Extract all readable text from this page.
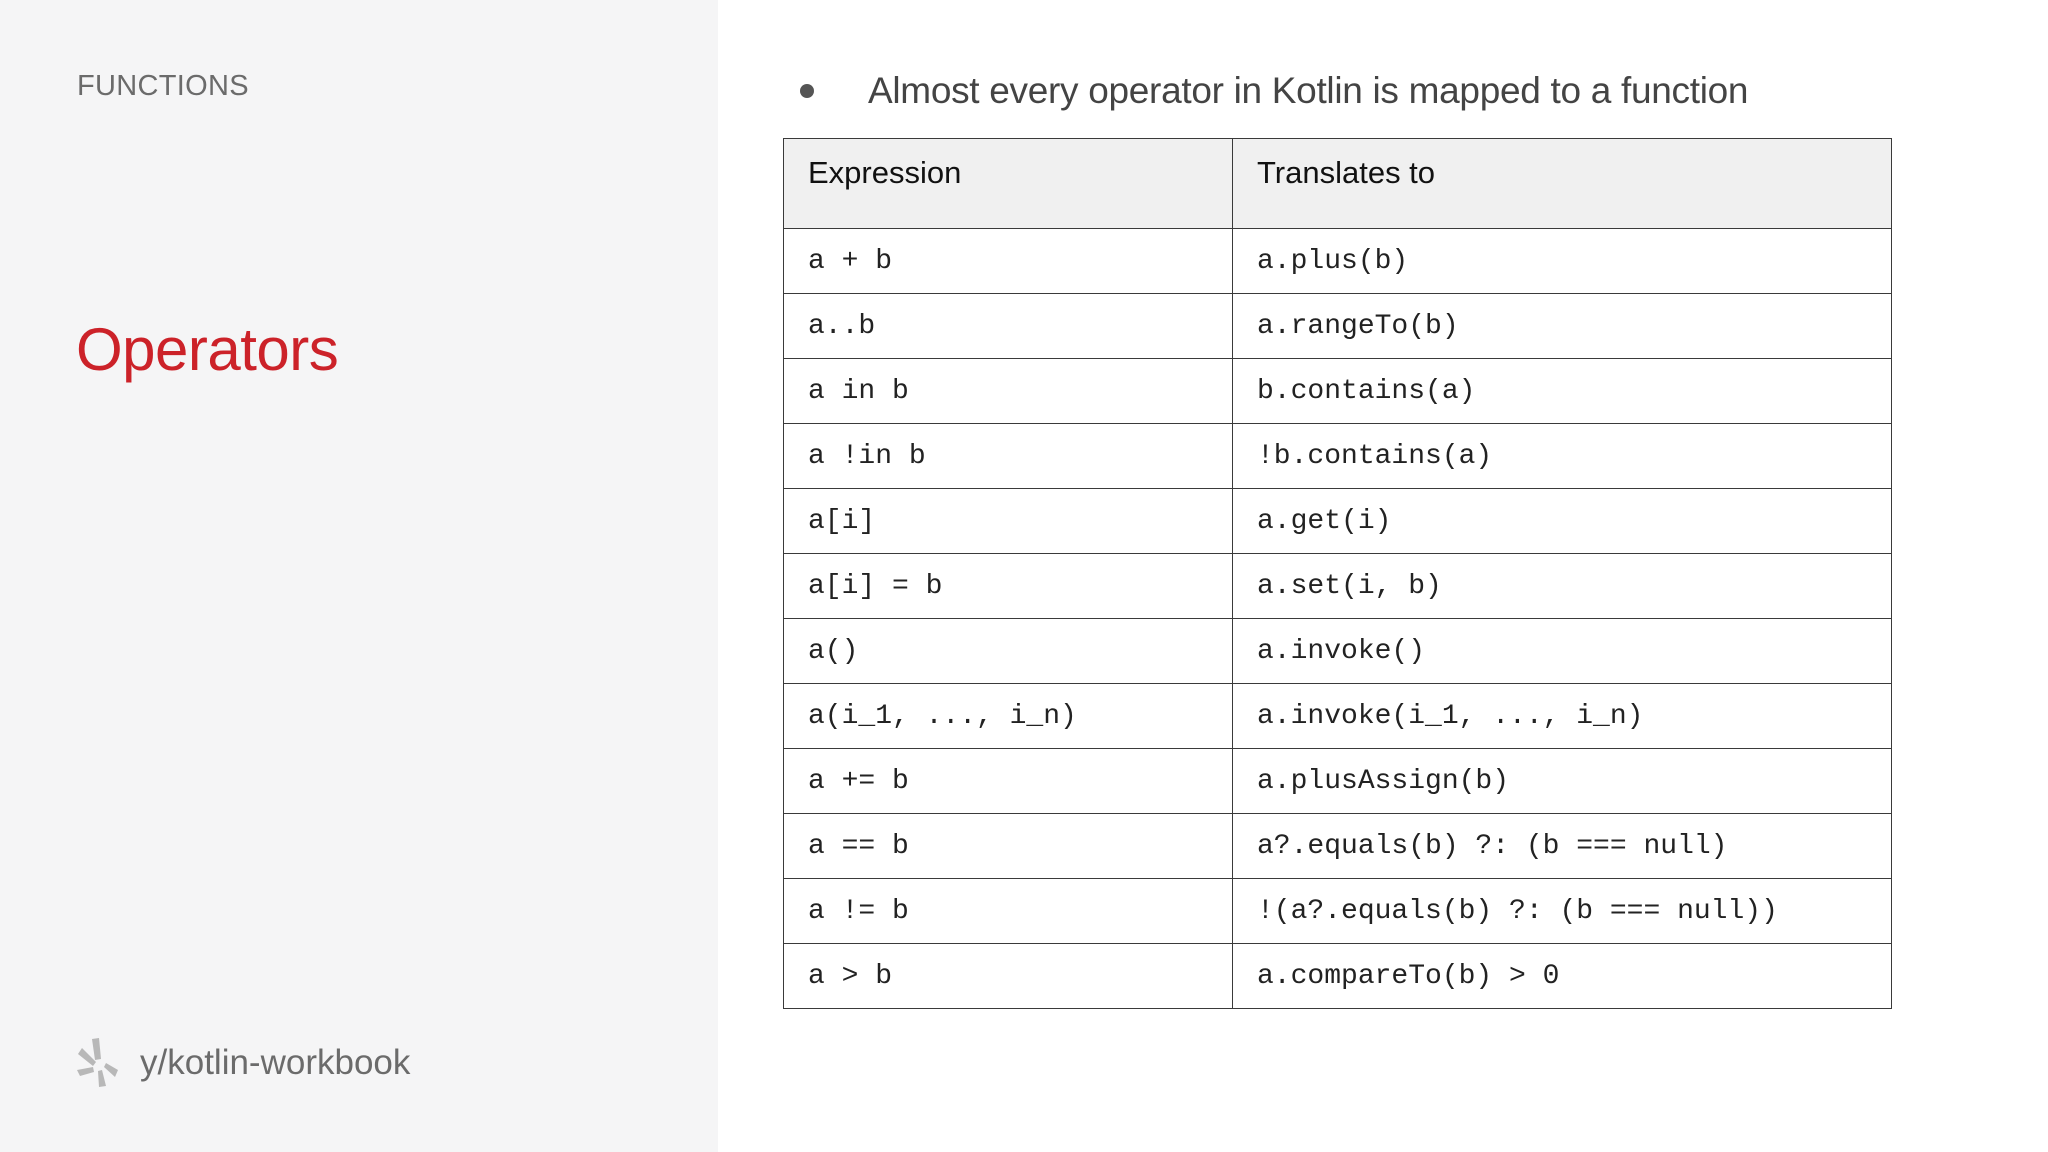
FUNCTIONS
Operators
y/kotlin-workbook
Almost every operator in Kotlin is mapped to a function
Expression	Translates to
a + b	a.plus(b)
a..b	a.rangeTo(b)
a in b	b.contains(a)
a !in b	!b.contains(a)
a[i]	a.get(i)
a[i] = b	a.set(i, b)
a()	a.invoke()
a(i_1, ..., i_n)	a.invoke(i_1, ..., i_n)
a += b	a.plusAssign(b)
a == b	a?.equals(b) ?: (b === null)
a != b	!(a?.equals(b) ?: (b === null))
a > b	a.compareTo(b) > 0
